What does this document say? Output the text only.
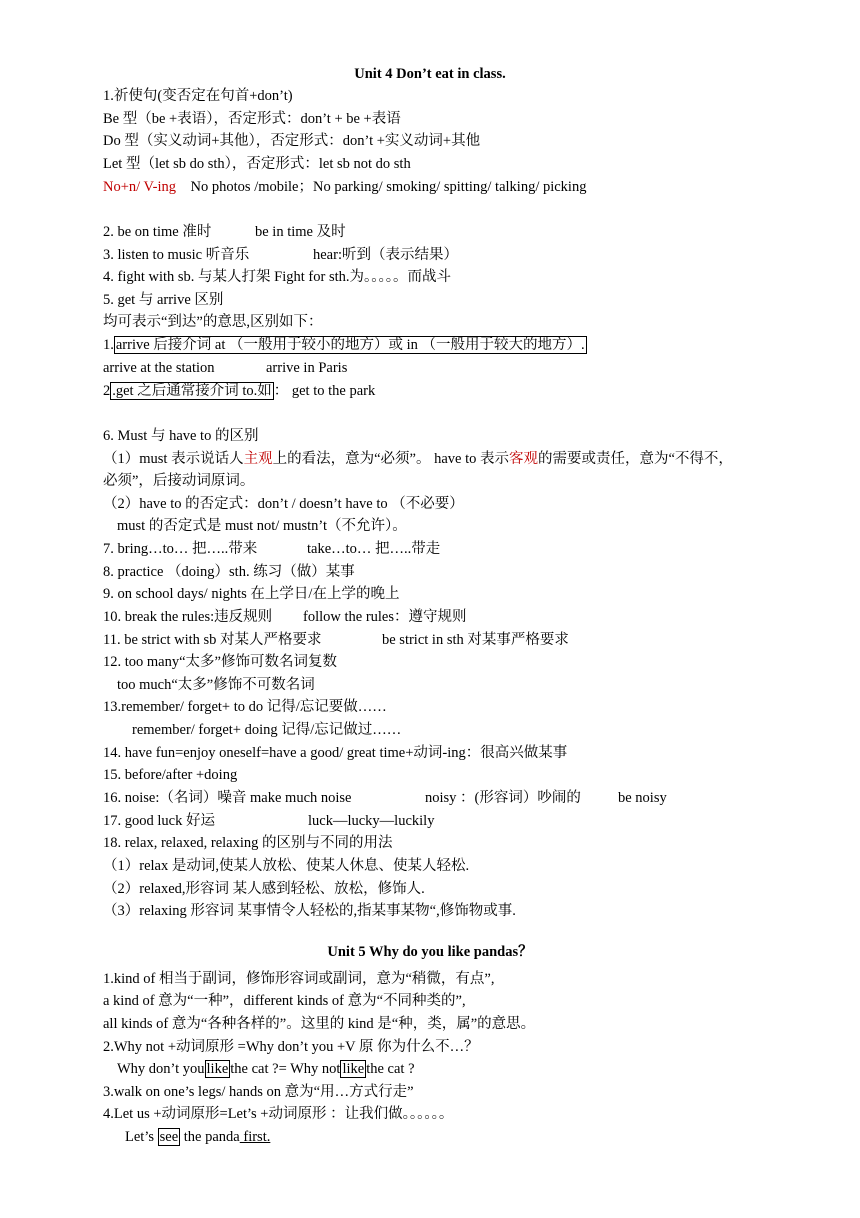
Unit 4 Don’t eat in class.
1.祈使句(变否定在句首+don’t)
Be 型（be +表语），否定形式：don’t + be +表语
Do 型（实义动词+其他），否定形式：don’t +实义动词+其他
Let 型（let sb do sth），否定形式：let sb not do sth
No+n/ V-ing No photos /mobile；No parking/ smoking/ spitting/ talking/ picking
2. be on time 准时	be in time 及时
3. listen to music 听音乐	hear:听到（表示结果）
4. fight with sb. 与某人打架 Fight for sth.为。。。。。而战斗
5. get 与 arrive 区别
均可表示“到达”的意思,区别如下：
1. arrive 后接介词 at （一般用于较小的地方）或 in （一般用于较大的地方）.
arrive at the station	arrive in Paris
2 .get 之后通常接介词 to.如 ： get to the park
6. Must 与 have to 的区别
（1）must 表示说话人主观上的看法，意为“必须”。 have to 表示客观的需要或责任，意为“不得不，
必须”，后接动词原词。
（2）have to 的否定式：don’t / doesn’t have to （不必要）
must 的否定式是 must not/ mustn’t（不允许）。
7. bring…to… 把…..带来	take…to… 把…..带走
8. practice （doing）sth. 练习（做）某事
9. on school days/ nights 在上学日/在上学的晚上
10. break the rules:违反规则 follow the rules：遵守规则
11. be strict with sb 对某人严格要求	be strict in sth 对某事严格要求
12. too many“太多”修饰可数名词复数
too much“太多”修饰不可数名词
13.remember/ forget+ to do 记得/忘记要做……
remember/ forget+ doing 记得/忘记做过……
14. have fun=enjoy oneself=have a good/ great time+动词-ing：很高兴做某事
15. before/after +doing
16. noise:（名词）噪音 make much noise	noisy ：(形容词）吵闹的	be noisy
17. good luck 好运	luck—lucky—luckily
18. relax, relaxed, relaxing 的区别与不同的用法
（1）relax 是动词,使某人放松、使某人休息、使某人轻松.
（2）relaxed,形容词 某人感到轻松、放松，修饰人.
（3）relaxing 形容词 某事情令人轻松的,指某事某物“,修饰物或事.
Unit 5 Why do you like pandas？
1.kind of 相当于副词，修饰形容词或副词，意为“稍微，有点”,
a kind of 意为“一种”，different kinds of 意为“不同种类的”,
all kinds of 意为“各种各样的”。这里的 kind 是“种，类，属”的意思。
2.Why not +动词原形 =Why don’t you +V 原 你为什么不…？
Why don’t you like the cat ?= Why not like the cat ?
3.walk on one’s legs/ hands on 意为“用…方式行走”
4.Let us +动词原形=Let’s +动词原形 ：让我们做。。。。。。
Let’s see the panda first.
